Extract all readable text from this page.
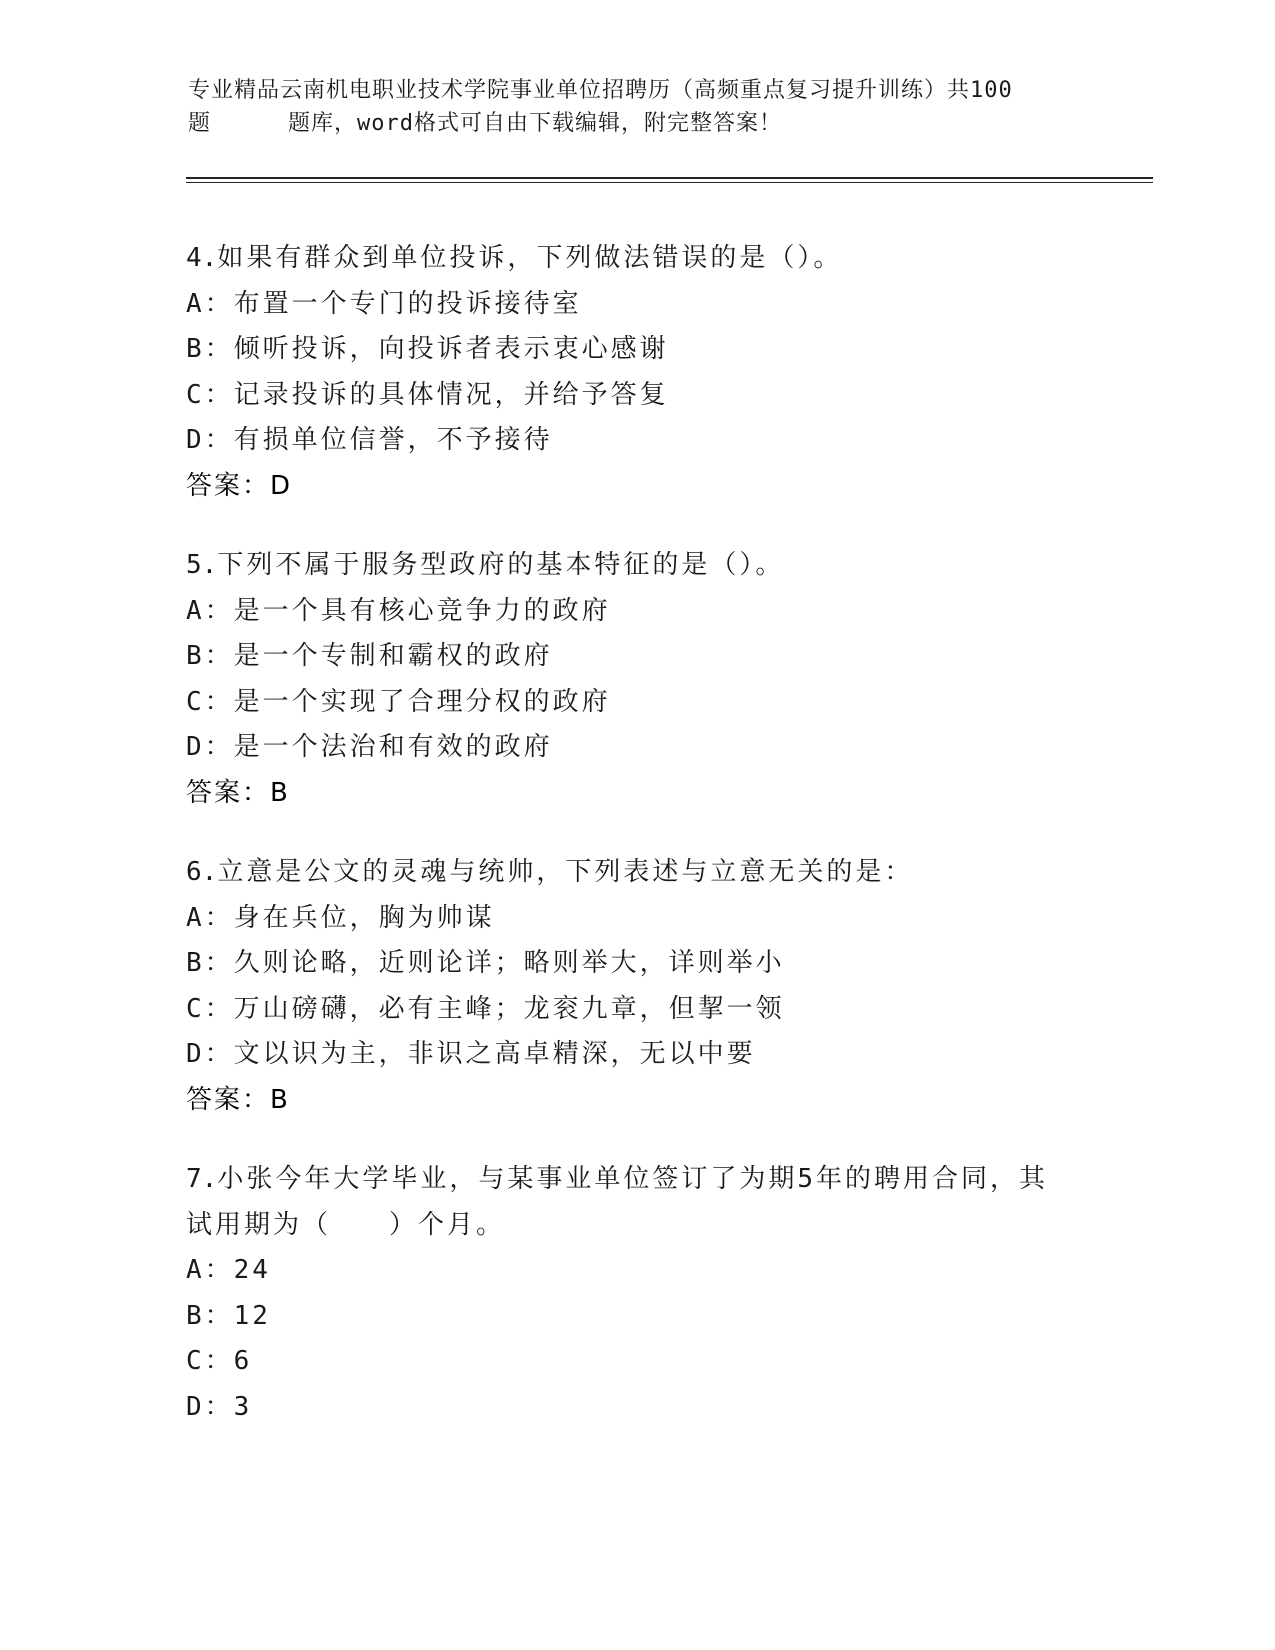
专业精品云南机电职业技术学院事业单位招聘历（高频重点复习提升训练）共100
题	题库，word格式可自由下载编辑，附完整答案！

4.如果有群众到单位投诉，下列做法错误的是（）。

A：布置一个专门的投诉接待室

B：倾听投诉，向投诉者表示衷心感谢

C：记录投诉的具体情况，并给予答复

D：有损单位信誉，不予接待

答案：D

5.下列不属于服务型政府的基本特征的是（）。

A：是一个具有核心竞争力的政府

B：是一个专制和霸权的政府

C：是一个实现了合理分权的政府

D：是一个法治和有效的政府

答案：B

6.立意是公文的灵魂与统帅，下列表述与立意无关的是：

A：身在兵位，胸为帅谋

B：久则论略，近则论详；略则举大，详则举小

C：万山磅礴，必有主峰；龙衮九章，但挈一领

D：文以识为主，非识之高卓精深，无以中要

答案：B

7.小张今年大学毕业，与某事业单位签订了为期5年的聘用合同，其

试用期为（　　）个月。

A：24

B：12

C：6

D：3
